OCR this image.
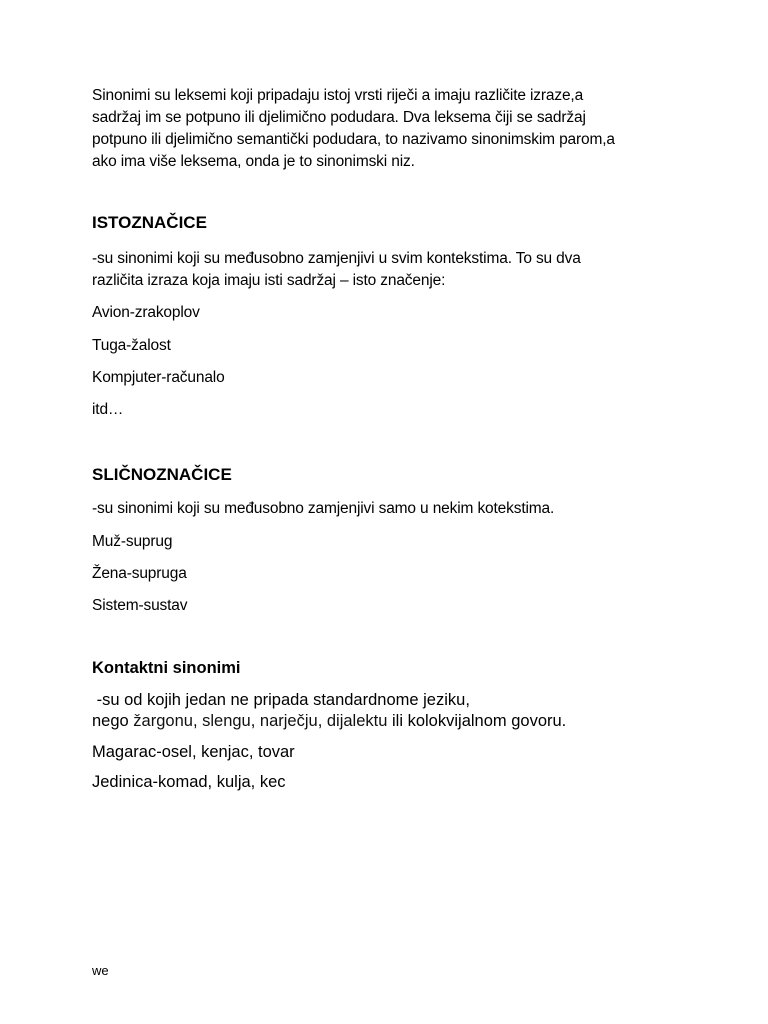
Sinonimi su leksemi koji pripadaju istoj vrsti riječi a imaju različite izraze,a
sadržaj im se potpuno ili djelimično podudara. Dva leksema čiji se sadržaj
potpuno ili djelimično semantički podudara, to nazivamo sinonimskim parom,a
ako ima više leksema, onda je to sinonimski niz.
ISTOZNAČICE
-su sinonimi koji su međusobno zamjenjivi u svim kontekstima. To su dva
različita izraza koja imaju isti sadržaj – isto značenje:
Avion-zrakoplov
Tuga-žalost
Kompjuter-računalo
itd…
SLIČNOZNAČICE
-su sinonimi koji su međusobno zamjenjivi samo u nekim kotekstima.
Muž-suprug
Žena-supruga
Sistem-sustav
Kontaktni sinonimi
-su od kojih jedan ne pripada standardnome jeziku,
nego žargonu, slengu, narječju, dijalektu ili kolokvijalnom govoru.
Magarac-osel, kenjac, tovar
Jedinica-komad, kulja, kec
we
